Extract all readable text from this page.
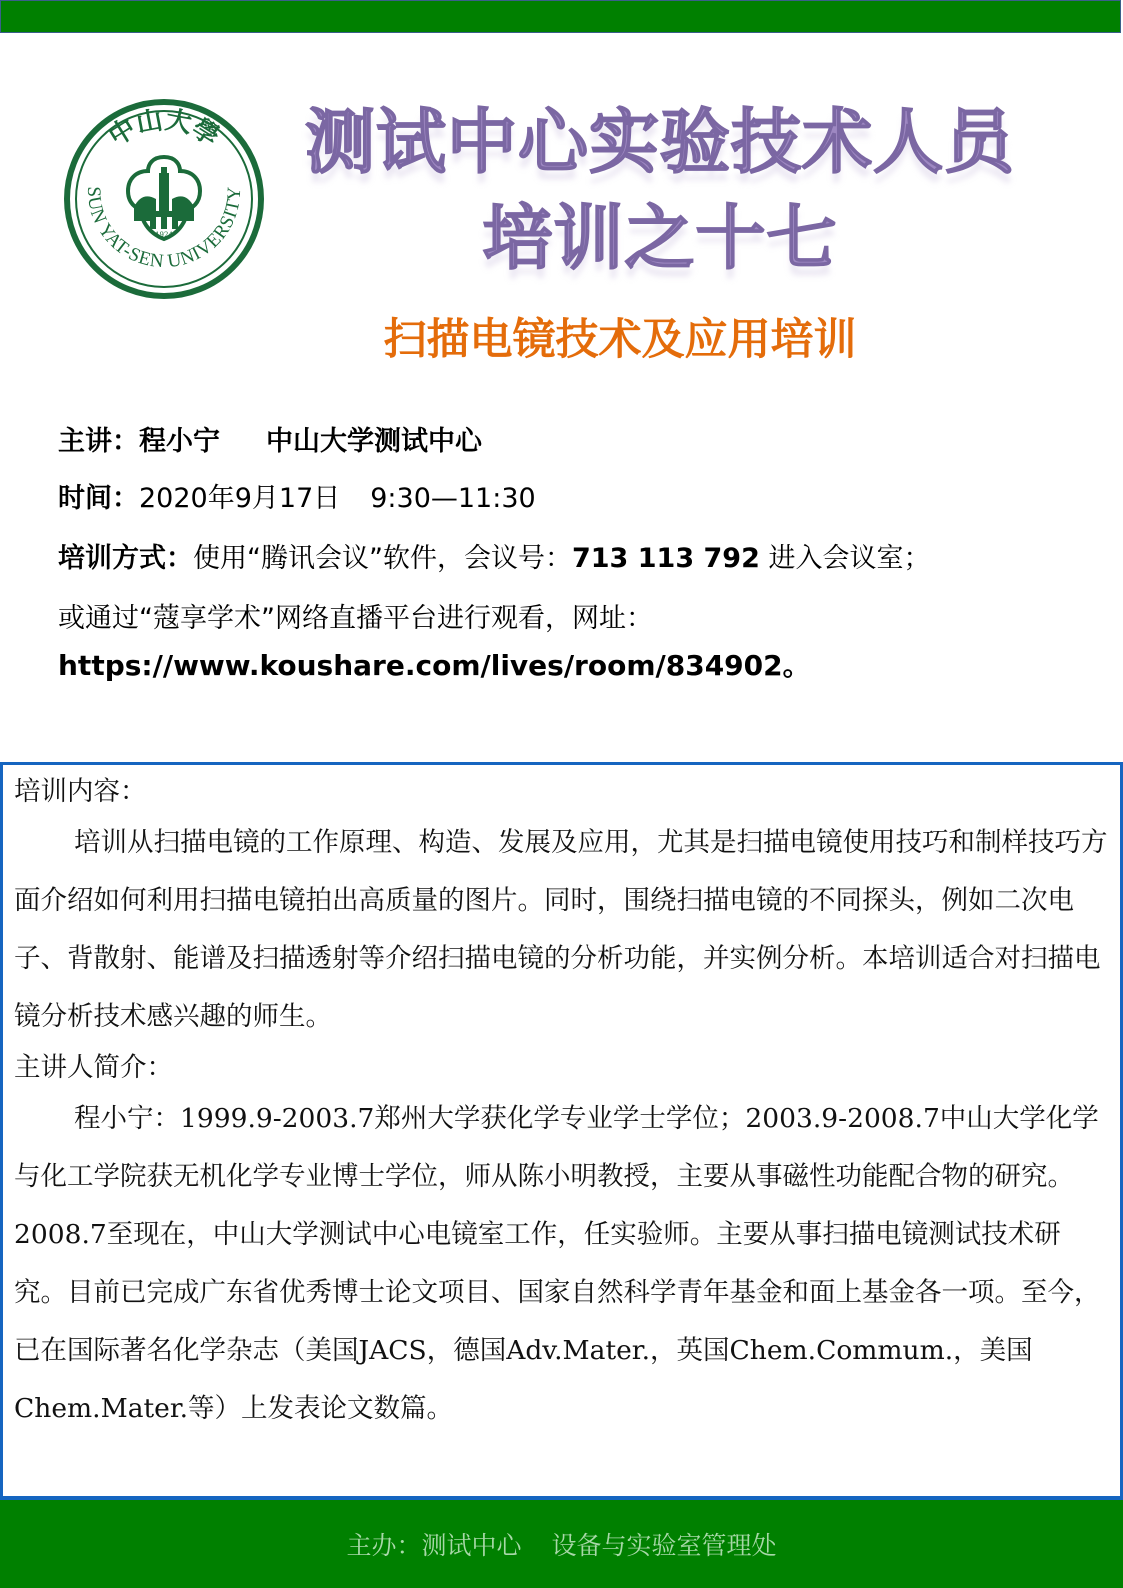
中山大學
SUN YAT-SEN UNIVERSITY
1924
测试中心实验技术人员
培训之十七
扫描电镜技术及应用培训
主讲：程小宁 中山大学测试中心
时间：2020年9月17日 9:30—11:30
培训方式：使用“腾讯会议”软件，会议号：713 113 792 进入会议室；
或通过“蔻享学术”网络直播平台进行观看，网址：
https://www.koushare.com/lives/room/834902。

培训内容：

培训从扫描电镜的工作原理、构造、发展及应用，尤其是扫描电镜使用技巧和制样技巧方面介绍如何利用扫描电镜拍出高质量的图片。同时，围绕扫描电镜的不同探头，例如二次电子、背散射、能谱及扫描透射等介绍扫描电镜的分析功能，并实例分析。本培训适合对扫描电镜分析技术感兴趣的师生。

主讲人简介：

程小宁：1999.9-2003.7郑州大学获化学专业学士学位；2003.9-2008.7中山大学化学与化工学院获无机化学专业博士学位，师从陈小明教授，主要从事磁性功能配合物的研究。2008.7至现在，中山大学测试中心电镜室工作，任实验师。主要从事扫描电镜测试技术研究。目前已完成广东省优秀博士论文项目、国家自然科学青年基金和面上基金各一项。至今，已在国际著名化学杂志（美国JACS，德国Adv.Mater.，英国Chem.Commum.，美国Chem.Mater.等）上发表论文数篇。

主办：测试中心 设备与实验室管理处
